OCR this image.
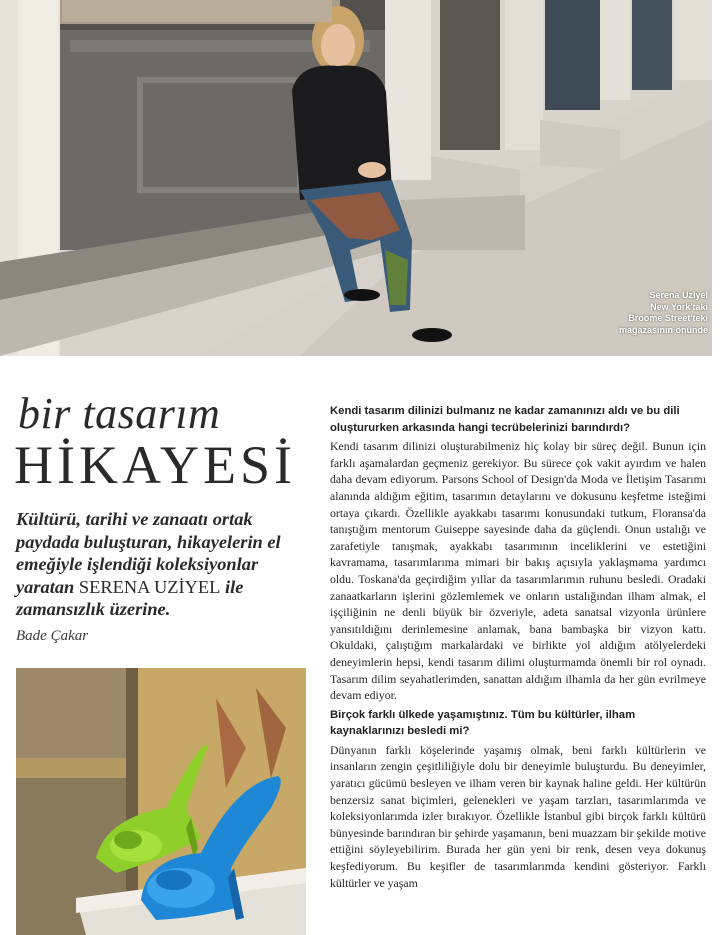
Serena Uziyel
New York'taki
Broome Street'teki
mağazasının önünde
bir tasarım
HİKAYESİ
Kültürü, tarihi ve zanaatı ortak paydada buluşturan, hikayelerin el emeğiyle işlendiği koleksiyonlar yaratan SERENA UZİYEL ile zamansızlık üzerine.
Bade Çakar

Kendi tasarım dilinizi bulmanız ne kadar zamanınızı aldı ve bu dili oluştururken arkasında hangi tecrübelerinizi barındırdı?

Kendi tasarım dilinizi oluşturabilmeniz hiç kolay bir süreç değil. Bunun için farklı aşamalardan geçmeniz gerekiyor. Bu sürece çok vakit ayırdım ve halen daha devam ediyorum. Parsons School of Design'da Moda ve İletişim Tasarımı alanında aldığım eğitim, tasarımın detaylarını ve dokusunu keşfetme isteğimi ortaya çıkardı. Özellikle ayakkabı tasarımı konusundaki tutkum, Floransa'da tanıştığım mentorum Guiseppe sayesinde daha da güçlendi. Onun ustalığı ve zarafetiyle tanışmak, ayakkabı tasarımının inceliklerini ve estetiğini kavramama, tasarımlarıma mimari bir bakış açısıyla yaklaşmama yardımcı oldu. Toskana'da geçirdiğim yıllar da tasarımlarımın ruhunu besledi. Oradaki zanaatkarların işlerini gözlemlemek ve onların ustalığından ilham almak, el işçiliğinin ne denli büyük bir özveriyle, adeta sanatsal vizyonla ürünlere yansıtıldığını derinlemesine anlamak, bana bambaşka bir vizyon kattı. Okuldaki, çalıştığım markalardaki ve birlikte yol aldığım atölyelerdeki deneyimlerin hepsi, kendi tasarım dilimi oluşturmamda önemli bir rol oynadı. Tasarım dilim seyahatlerimden, sanattan aldığım ilhamla da her gün evrilmeye devam ediyor.

Birçok farklı ülkede yaşamıştınız. Tüm bu kültürler, ilham kaynaklarınızı besledi mi?

Dünyanın farklı köşelerinde yaşamış olmak, beni farklı kültürlerin ve insanların zengin çeşitliliğiyle dolu bir deneyimle buluşturdu. Bu deneyimler, yaratıcı gücümü besleyen ve ilham veren bir kaynak haline geldi. Her kültürün benzersiz sanat biçimleri, gelenekleri ve yaşam tarzları, tasarımlarımda ve koleksiyonlarımda izler bırakıyor. Özellikle İstanbul gibi birçok farklı kültürü bünyesinde barındıran bir şehirde yaşamanın, beni muazzam bir şekilde motive ettiğini söyleyebilirim. Burada her gün yeni bir renk, desen veya dokunuş keşfediyorum. Bu keşifler de tasarımlarımda kendini gösteriyor. Farklı kültürler ve yaşam
